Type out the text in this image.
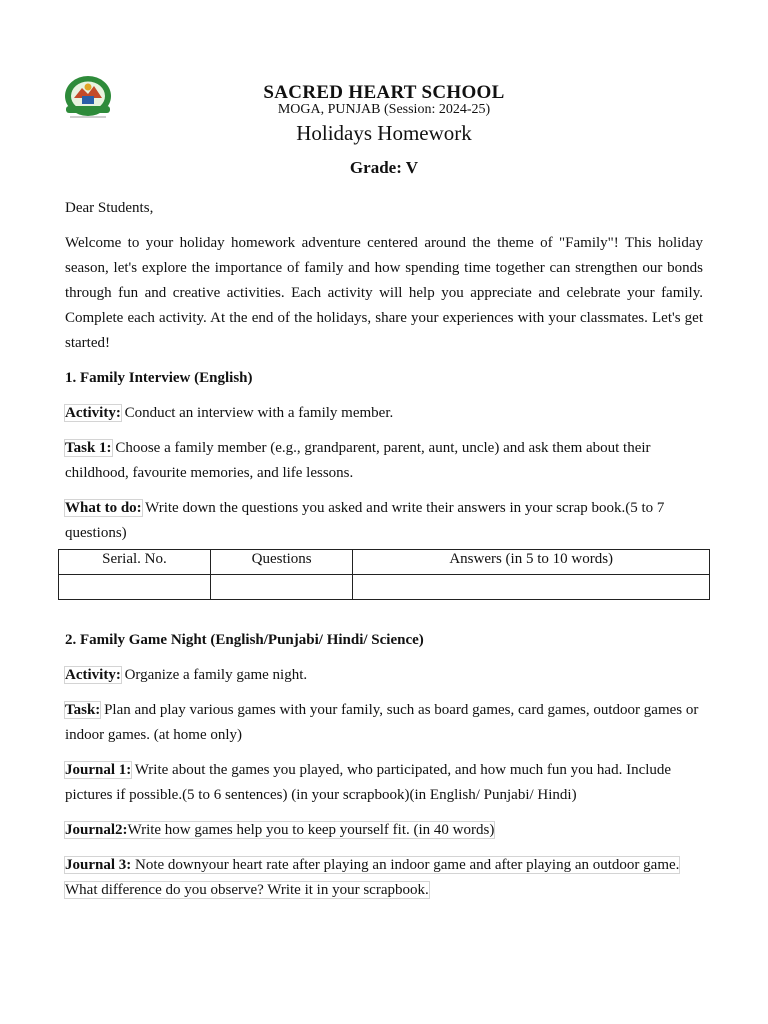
SACRED HEART SCHOOL
MOGA, PUNJAB (Session: 2024-25)
Holidays Homework
Grade: V

Dear Students,

Welcome to your holiday homework adventure centered around the theme of "Family"! This holiday season, let's explore the importance of family and how spending time together can strengthen our bonds through fun and creative activities. Each activity will help you appreciate and celebrate your family. Complete each activity. At the end of the holidays, share your experiences with your classmates. Let's get started!

1. Family Interview (English)

Activity: Conduct an interview with a family member.

Task 1: Choose a family member (e.g., grandparent, parent, aunt, uncle) and ask them about their childhood, favourite memories, and life lessons.

What to do: Write down the questions you asked and write their answers in your scrap book.(5 to 7 questions)

Serial. No.	Questions	Answers (in 5 to 10 words)

2. Family Game Night (English/Punjabi/ Hindi/ Science)

Activity: Organize a family game night.

Task: Plan and play various games with your family, such as board games, card games, outdoor games or indoor games. (at home only)

Journal 1: Write about the games you played, who participated, and how much fun you had. Include pictures if possible.(5 to 6 sentences) (in your scrapbook)(in English/ Punjabi/ Hindi)

Journal2:Write how games help you to keep yourself fit. (in 40 words)

Journal 3: Note downyour heart rate after playing an indoor game and after playing an outdoor game. What difference do you observe? Write it in your scrapbook.
